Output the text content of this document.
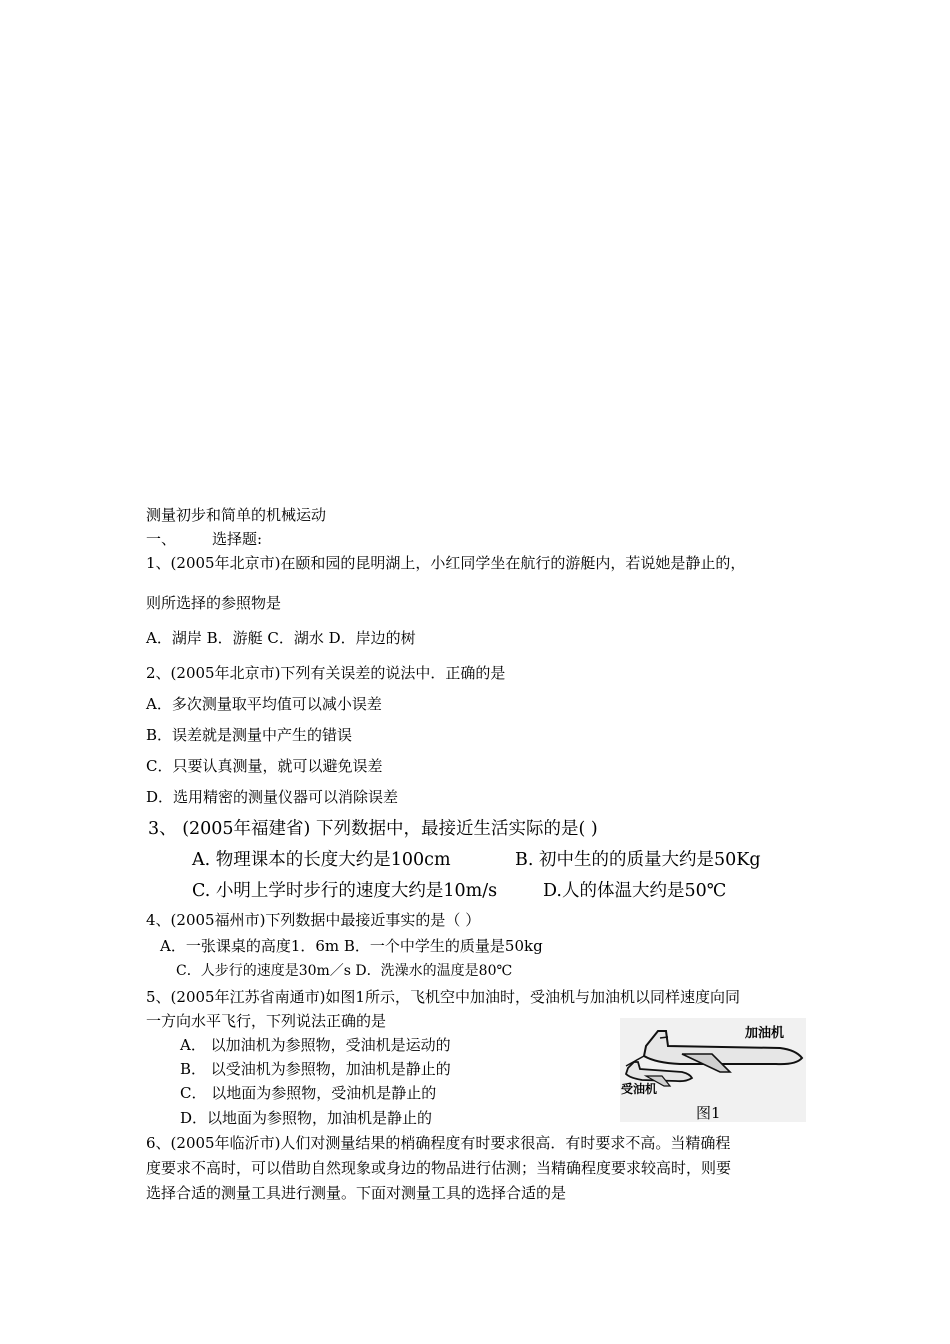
测量初步和简单的机械运动
一、 选择题:
1、(2005年北京市)在颐和园的昆明湖上，小红同学坐在航行的游艇内，若说她是静止的，
则所选择的参照物是
A．湖岸 B．游艇 C．湖水 D．岸边的树
2、(2005年北京市)下列有关误差的说法中．正确的是
A．多次测量取平均值可以减小误差
B．误差就是测量中产生的错误
C．只要认真测量，就可以避免误差
D．选用精密的测量仪器可以消除误差
3、 (2005年福建省) 下列数据中，最接近生活实际的是( )
A. 物理课本的长度大约是100cm	B. 初中生的的质量大约是50Kg
C. 小明上学时步行的速度大约是10m/s	D.人的体温大约是50℃
4、(2005福州市)下列数据中最接近事实的是（ ）
A．一张课桌的高度1．6m B．一个中学生的质量是50kg
C．人步行的速度是30m／s D．洗澡水的温度是80℃
5、(2005年江苏省南通市)如图1所示，飞机空中加油时，受油机与加油机以同样速度向同
一方向水平飞行，下列说法正确的是
A． 以加油机为参照物，受油机是运动的
B． 以受油机为参照物，加油机是静止的
C． 以地面为参照物，受油机是静止的
D．以地面为参照物，加油机是静止的
加油机
受油机
图1
6、(2005年临沂市)人们对测量结果的梢确程度有时要求很高．有时要求不高。当精确程
度要求不高时，可以借助自然现象或身边的物品进行估测；当精确程度要求较高时，则要
选择合适的测量工具进行测量。下面对测量工具的选择合适的是
